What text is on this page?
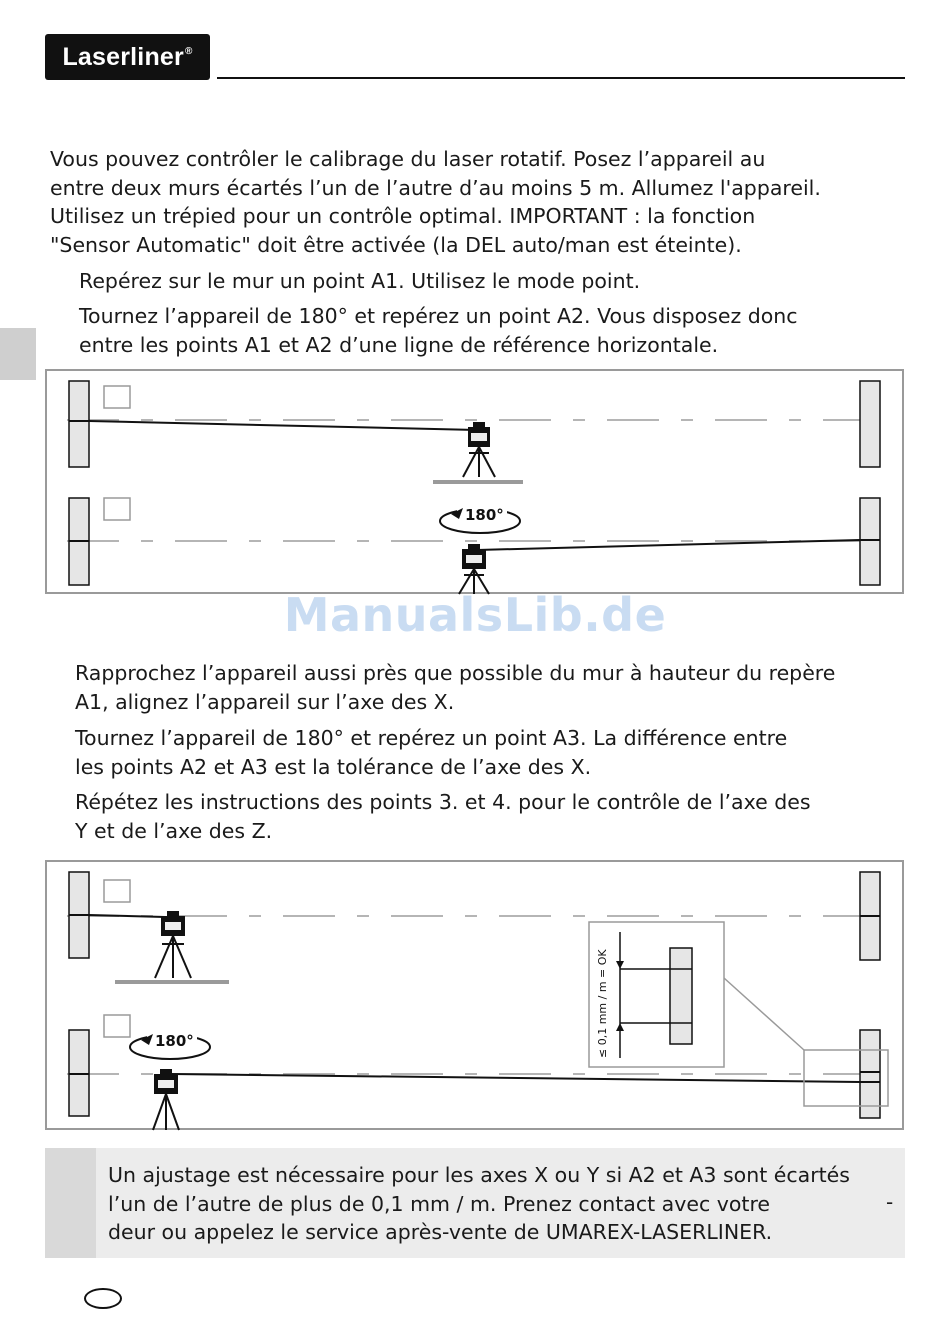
Laserliner®

Vous pouvez contrôler le calibrage du laser rotatif. Posez l’appareil au
entre deux murs écartés l’un de l’autre d’au moins 5 m. Allumez l'appareil.
Utilisez un trépied pour un contrôle optimal. IMPORTANT : la fonction
"Sensor Automatic" doit être activée (la DEL auto/man est éteinte).

Repérez sur le mur un point A1. Utilisez le mode point.

Tournez l’appareil de 180° et repérez un point A2. Vous disposez donc
entre les points A1 et A2 d’une ligne de référence horizontale.

180°
ManualsLib.de

Rapprochez l’appareil aussi près que possible du mur à hauteur du repère
A1, alignez l’appareil sur l’axe des X.

Tournez l’appareil de 180° et repérez un point A3. La différence entre
les points A2 et A3 est la tolérance de l’axe des X.

Répétez les instructions des points 3. et 4. pour le contrôle de l’axe des
Y et de l’axe des Z.

180°	≤ 0,1 mm / m = OK

Un ajustage est nécessaire pour les axes X ou Y si A2 et A3 sont écartés
l’un de l’autre de plus de 0,1 mm / m. Prenez contact avec votre
deur ou appelez le service après-vente de UMAREX-LASERLINER.

-
